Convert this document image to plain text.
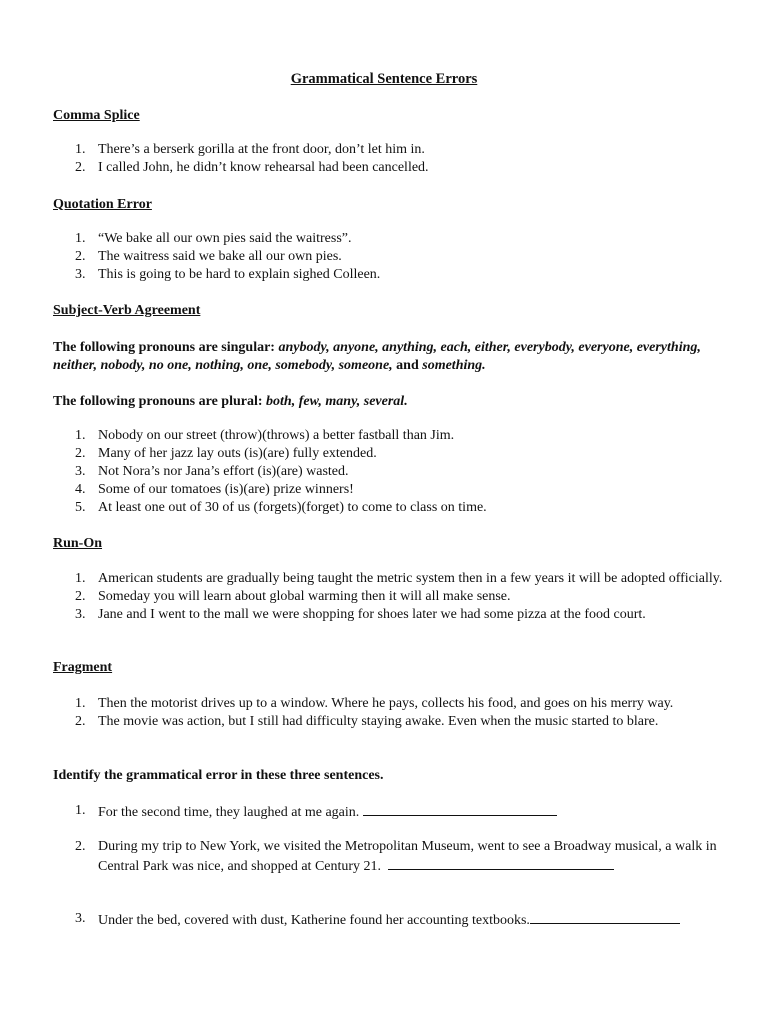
Grammatical Sentence Errors
Comma Splice
1. There’s a berserk gorilla at the front door, don’t let him in.
2. I called John, he didn’t know rehearsal had been cancelled.
Quotation Error
1. “We bake all our own pies said the waitress”.
2. The waitress said we bake all our own pies.
3. This is going to be hard to explain sighed Colleen.
Subject-Verb Agreement
The following pronouns are singular: anybody, anyone, anything, each, either, everybody, everyone, everything, neither, nobody, no one, nothing, one, somebody, someone, and something.
The following pronouns are plural: both, few, many, several.
1. Nobody on our street (throw)(throws) a better fastball than Jim.
2. Many of her jazz lay outs (is)(are) fully extended.
3. Not Nora’s nor Jana’s effort (is)(are) wasted.
4. Some of our tomatoes (is)(are) prize winners!
5. At least one out of 30 of us (forgets)(forget) to come to class on time.
Run-On
1. American students are gradually being taught the metric system then in a few years it will be adopted officially.
2. Someday you will learn about global warming then it will all make sense.
3. Jane and I went to the mall we were shopping for shoes later we had some pizza at the food court.
Fragment
1. Then the motorist drives up to a window. Where he pays, collects his food, and goes on his merry way.
2. The movie was action, but I still had difficulty staying awake. Even when the music started to blare.
Identify the grammatical error in these three sentences.
1. For the second time, they laughed at me again.
2. During my trip to New York, we visited the Metropolitan Museum, went to see a Broadway musical, a walk in Central Park was nice, and shopped at Century 21.
3. Under the bed, covered with dust, Katherine found her accounting textbooks.
